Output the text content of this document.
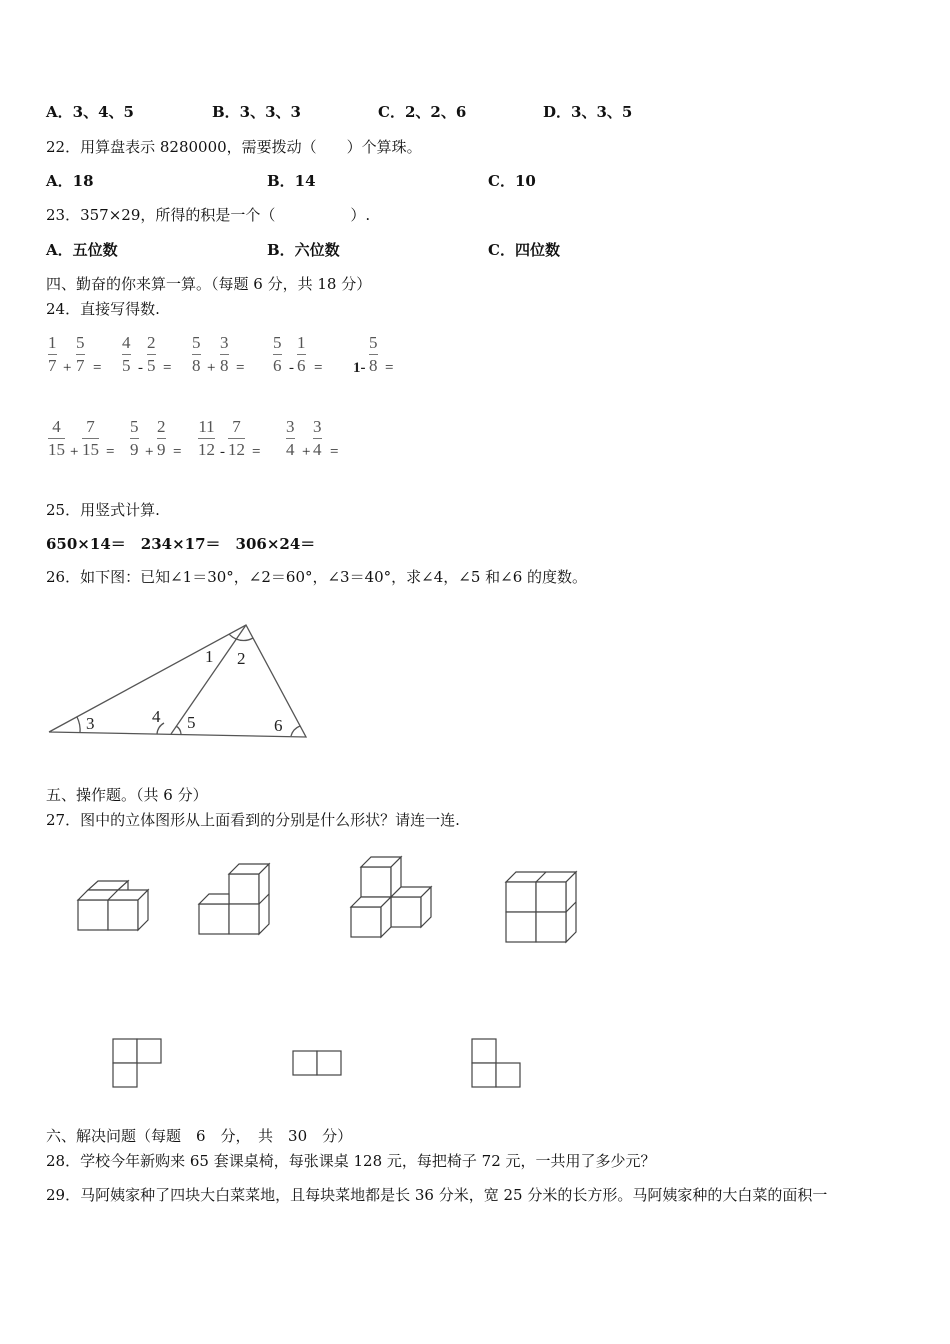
A．3、4、5	B．3、3、3	C．2、2、6	D．3、3、5
22．用算盘表示 8280000，需要拨动（　　）个算珠。
A．18	B．14	C．10
23．357×29，所得的积是一个（　　　　　）.
A．五位数	B．六位数	C．四位数
四、勤奋的你来算一算。（每题 6 分，共 18 分）
24．直接写得数.
1
7 +
5
7 =
4
5 -
2
5 =
5
8 +
3
8 =
5
6 -
1
6 = 1-
5
8 =
4
15 +
7
15 =
5
9 +
2
9 =
11
12 -
7
12 =
3
4 +
3
4 =
25．用竖式计算.
650×14＝　234×17＝　306×24＝
26．如下图：已知∠1＝30°，∠2＝60°，∠3＝40°，求∠4，∠5 和∠6 的度数。
1 2
3	4 5	6
五、操作题。（共 6 分）
27．图中的立体图形从上面看到的分别是什么形状？请连一连.
六、解决问题（每题　6　分，　共　30　分）
28．学校今年新购来 65 套课桌椅，每张课桌 128 元，每把椅子 72 元，一共用了多少元？
29．马阿姨家种了四块大白菜菜地，且每块菜地都是长 36 分米，宽 25 分米的长方形。马阿姨家种的大白菜的面积一
